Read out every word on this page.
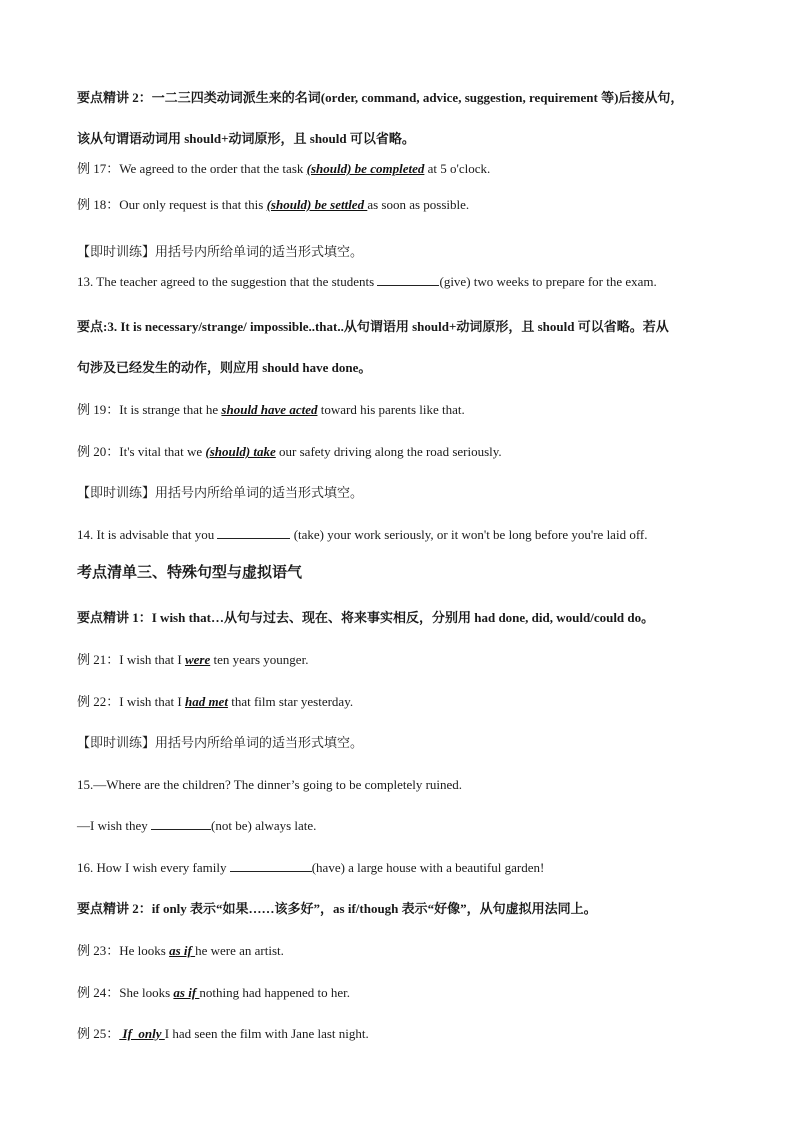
要点精讲 2：一二三四类动词派生来的名词(order, command, advice, suggestion, requirement 等)后接从句，
该从句谓语动词用 should+动词原形，且 should 可以省略。
例 17：We agreed to the order that the task (should) be completed at 5 o'clock.
例 18：Our only request is that this (should) be settled as soon as possible.
【即时训练】用括号内所给单词的适当形式填空。
13. The teacher agreed to the suggestion that the students	(give) two weeks to prepare for the exam.
要点:3. It is necessary/strange/ impossible..that..从句谓语用 should+动词原形，且 should 可以省略。若从
句涉及已经发生的动作，则应用 should have done。
例 19：It is strange that he should have acted toward his parents like that.
例 20：It's vital that we (should) take our safety driving along the road seriously.
【即时训练】用括号内所给单词的适当形式填空。
14. It is advisable that you	(take) your work seriously, or it won't be long before you're laid off.
考点清单三、特殊句型与虚拟语气
要点精讲 1：I wish that…从句与过去、现在、将来事实相反，分别用 had done, did, would/could do。
例 21：I wish that I were ten years younger.
例 22：I wish that I had met that film star yesterday.
【即时训练】用括号内所给单词的适当形式填空。
15.—Where are the children? The dinner’s going to be completely ruined.
—I wish they	(not be) always late.
16. How I wish every family	(have) a large house with a beautiful garden!
要点精讲 2：if only 表示“如果……该多好”，as if/though 表示“好像”，从句虚拟用法同上。
例 23：He looks as if he were an artist.
例 24：She looks as if nothing had happened to her.
例 25： If  only I had seen the film with Jane last night.
